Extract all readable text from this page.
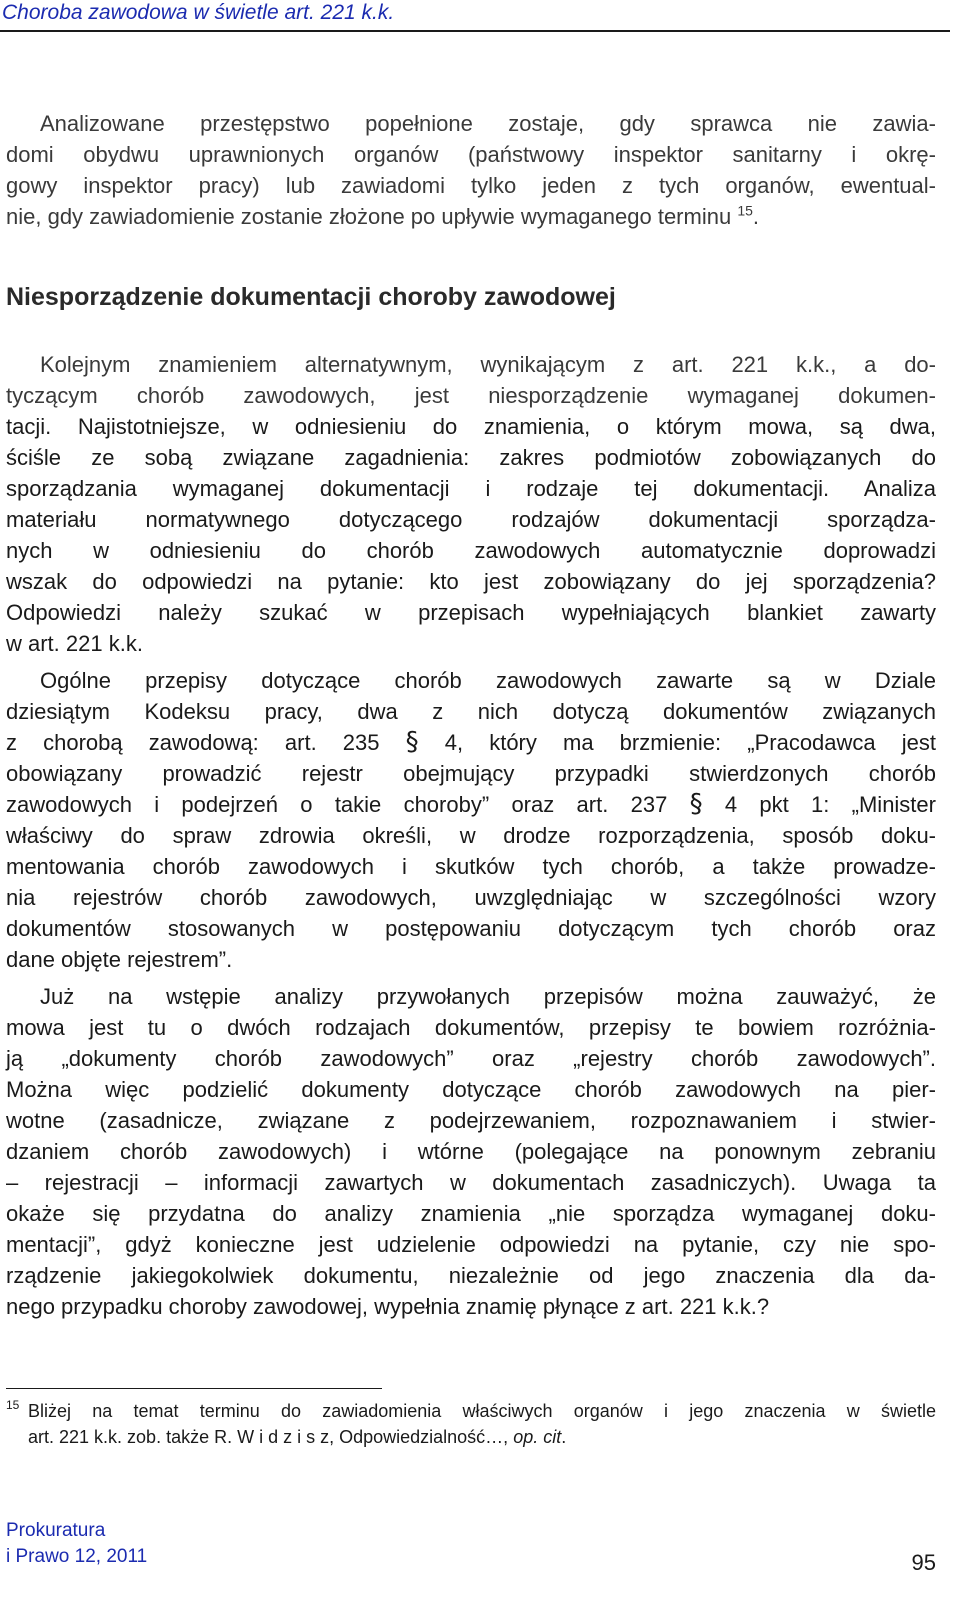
Choroba zawodowa w świetle art. 221 k.k.
Analizowane przestępstwo popełnione zostaje, gdy sprawca nie zawia-
domi obydwu uprawnionych organów (państwowy inspektor sanitarny i okrę-
gowy inspektor pracy) lub zawiadomi tylko jeden z tych organów, ewentual-
nie, gdy zawiadomienie zostanie złożone po upływie wymaganego terminu $^{15}$.
Niesporządzenie dokumentacji choroby zawodowej
Kolejnym znamieniem alternatywnym, wynikającym z art. 221 k.k., a do-
tyczącym chorób zawodowych, jest niesporządzenie wymaganej dokumen-
tacji. Najistotniejsze, w odniesieniu do znamienia, o którym mowa, są dwa,
ściśle ze sobą związane zagadnienia: zakres podmiotów zobowiązanych do
sporządzania wymaganej dokumentacji i rodzaje tej dokumentacji. Analiza
materiału normatywnego dotyczącego rodzajów dokumentacji sporządza-
nych w odniesieniu do chorób zawodowych automatycznie doprowadzi
wszak do odpowiedzi na pytanie: kto jest zobowiązany do jej sporządzenia?
Odpowiedzi należy szukać w przepisach wypełniających blankiet zawarty
w art. 221 k.k.
Ogólne przepisy dotyczące chorób zawodowych zawarte są w Dziale
dziesiątym Kodeksu pracy, dwa z nich dotyczą dokumentów związanych
z chorobą zawodową: art. 235 § 4, który ma brzmienie: „Pracodawca jest
obowiązany prowadzić rejestr obejmujący przypadki stwierdzonych chorób
zawodowych i podejrzeń o takie choroby” oraz art. 237 § 4 pkt 1: „Minister
właściwy do spraw zdrowia określi, w drodze rozporządzenia, sposób doku-
mentowania chorób zawodowych i skutków tych chorób, a także prowadze-
nia rejestrów chorób zawodowych, uwzględniając w szczególności wzory
dokumentów stosowanych w postępowaniu dotyczącym tych chorób oraz
dane objęte rejestrem”.
Już na wstępie analizy przywołanych przepisów można zauważyć, że
mowa jest tu o dwóch rodzajach dokumentów, przepisy te bowiem rozróżnia-
ją „dokumenty chorób zawodowych” oraz „rejestry chorób zawodowych”.
Można więc podzielić dokumenty dotyczące chorób zawodowych na pier-
wotne (zasadnicze, związane z podejrzewaniem, rozpoznawaniem i stwier-
dzaniem chorób zawodowych) i wtórne (polegające na ponownym zebraniu
– rejestracji – informacji zawartych w dokumentach zasadniczych). Uwaga ta
okaże się przydatna do analizy znamienia „nie sporządza wymaganej doku-
mentacji”, gdyż konieczne jest udzielenie odpowiedzi na pytanie, czy nie spo-
rządzenie jakiegokolwiek dokumentu, niezależnie od jego znaczenia dla da-
nego przypadku choroby zawodowej, wypełnia znamię płynące z art. 221 k.k.?
15 Bliżej na temat terminu do zawiadomienia właściwych organów i jego znaczenia w świetle
art. 221 k.k. zob. także R. W i d z i s z, Odpowiedzialność…, op. cit.
Prokuratura
i Prawo 12, 2011	95
